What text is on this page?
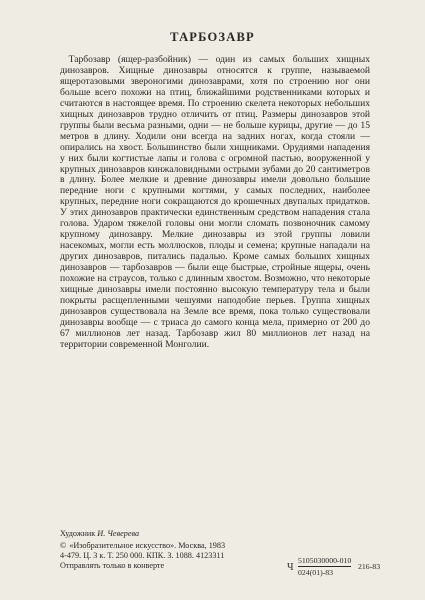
ТАРБОЗАВР

Тарбозавр (ящер-разбойник) — один из самых больших хищных динозавров. Хищные динозавры относятся к группе, называемой ящеротазовыми звероногими динозаврами, хотя по строению ног они больше всего похожи на птиц, ближайшими родственниками которых и считаются в настоящее время. По строению скелета некоторых небольших хищных динозавров трудно отличить от птиц. Размеры динозавров этой группы были весьма разными, одни — не больше курицы, другие — до 15 метров в длину. Ходили они всегда на задних ногах, когда стояли — опирались на хвост. Большинство были хищниками. Орудиями нападения у них были когтистые лапы и голова с огромной пастью, вооруженной у крупных динозавров кинжаловидными острыми зубами до 20 сантиметров в длину. Более мелкие и древние динозавры имели довольно большие передние ноги с крупными когтями, у самых последних, наиболее крупных, передние ноги сокращаются до крошечных двупалых придатков. У этих динозавров практически единственным средством нападения стала голова. Ударом тяжелой головы они могли сломать позвоночник самому крупному динозавру. Мелкие динозавры из этой группы ловили насекомых, могли есть моллюсков, плоды и семена; крупные нападали на других динозавров, питались падалью. Кроме самых больших хищных динозавров — тарбозавров — были еще быстрые, стройные ящеры, очень похожие на страусов, только с длинным хвостом. Возможно, что некоторые хищные динозавры имели постоянно высокую температуру тела и были покрыты расщепленными чешуями наподобие перьев. Группа хищных динозавров существовала на Земле все время, пока только существовали динозавры вообще — с триаса до самого конца мела, примерно от 200 до 67 миллионов лет назад. Тарбозавр жил 80 миллионов лет назад на территории современной Монголии.

Художник И. Чеверева
© «Изобразительное искусство». Москва, 1983
4-479. Ц. 3 к. Т. 250 000. КПК. З. 1088. 4123311
Отправлять только в конверте	Ч
5105030000-010
024(01)-83
216-83
